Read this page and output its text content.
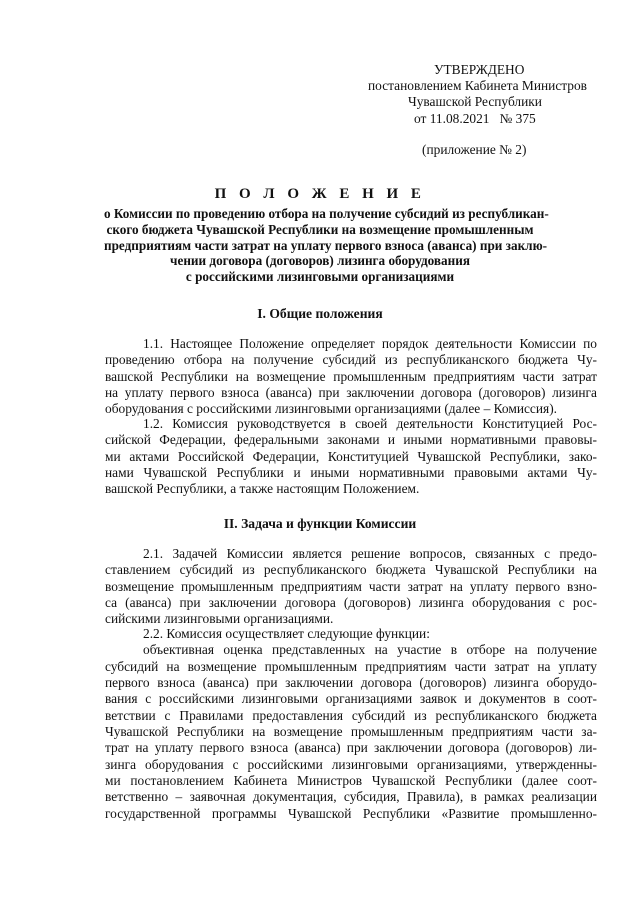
УТВЕРЖДЕНО
постановлением Кабинета Министров
Чувашской Республики
от 11.08.2021   № 375
(приложение № 2)
П О Л О Ж Е Н И Е
о Комиссии по проведению отбора на получение субсидий из республикан-
ского бюджета Чувашской Республики на возмещение промышленным
предприятиям части затрат на уплату первого взноса (аванса) при заклю-
чении договора (договоров) лизинга оборудования
с российскими лизинговыми организациями
I. Общие положения
1.1. Настоящее Положение определяет порядок деятельности Комиссии по
проведению отбора на получение субсидий из республиканского бюджета Чу-
вашской Республики на возмещение промышленным предприятиям части затрат
на уплату первого взноса (аванса) при заключении договора (договоров) лизинга
оборудования с российскими лизинговыми организациями (далее – Комиссия).
1.2. Комиссия руководствуется в своей деятельности Конституцией Рос-
сийской Федерации, федеральными законами и иными нормативными правовы-
ми актами Российской Федерации, Конституцией Чувашской Республики, зако-
нами Чувашской Республики и иными нормативными правовыми актами Чу-
вашской Республики, а также настоящим Положением.
II. Задача и функции Комиссии
2.1. Задачей Комиссии является решение вопросов, связанных с предо-
ставлением субсидий из республиканского бюджета Чувашской Республики на
возмещение промышленным предприятиям части затрат на уплату первого взно-
са (аванса) при заключении договора (договоров) лизинга оборудования с рос-
сийскими лизинговыми организациями.
2.2. Комиссия осуществляет следующие функции:
объективная оценка представленных на участие в отборе на получение
субсидий на возмещение промышленным предприятиям части затрат на уплату
первого взноса (аванса) при заключении договора (договоров) лизинга оборудо-
вания с российскими лизинговыми организациями заявок и документов в соот-
ветствии с Правилами предоставления субсидий из республиканского бюджета
Чувашской Республики на возмещение промышленным предприятиям части за-
трат на уплату первого взноса (аванса) при заключении договора (договоров) ли-
зинга оборудования с российскими лизинговыми организациями, утвержденны-
ми постановлением Кабинета Министров Чувашской Республики (далее соот-
ветственно – заявочная документация, субсидия, Правила), в рамках реализации
государственной программы Чувашской Республики «Развитие промышленно-
